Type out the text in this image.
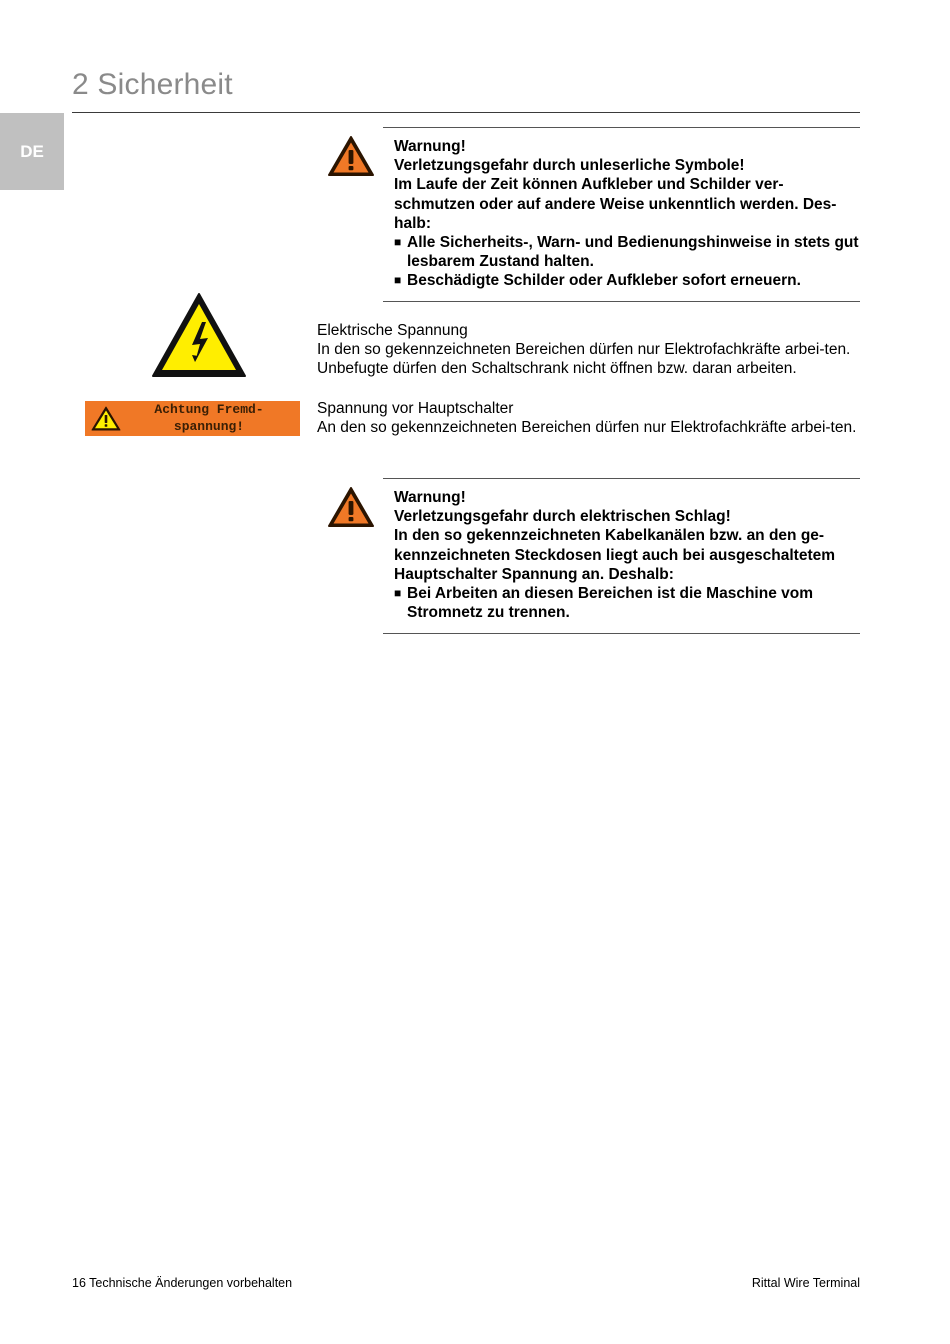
2 Sicherheit
DE	Warnung!

Verletzungsgefahr durch unleserliche Symbole!

Im Laufe der Zeit können Aufkleber und Schilder ver-schmutzen oder auf andere Weise unkenntlich werden. Des-halb:

■ Alle Sicherheits-, Warn- und Bedienungshinweise in stets gut lesbarem Zustand halten.
■ Beschädigte Schilder oder Aufkleber sofort erneuern.

Elektrische Spannung

In den so gekennzeichneten Bereichen dürfen nur Elektrofachkräfte arbei-ten. Unbefugte dürfen den Schaltschrank nicht öffnen bzw. daran arbeiten.

Achtung Fremd-
spannung!

Spannung vor Hauptschalter

An den so gekennzeichneten Bereichen dürfen nur Elektrofachkräfte arbei-ten.

Warnung!

Verletzungsgefahr durch elektrischen Schlag!

In den so gekennzeichneten Kabelkanälen bzw. an den ge-kennzeichneten Steckdosen liegt auch bei ausgeschaltetem Hauptschalter Spannung an. Deshalb:

■ Bei Arbeiten an diesen Bereichen ist die Maschine vom Stromnetz zu trennen.
16 Technische Änderungen vorbehalten	Rittal Wire Terminal
